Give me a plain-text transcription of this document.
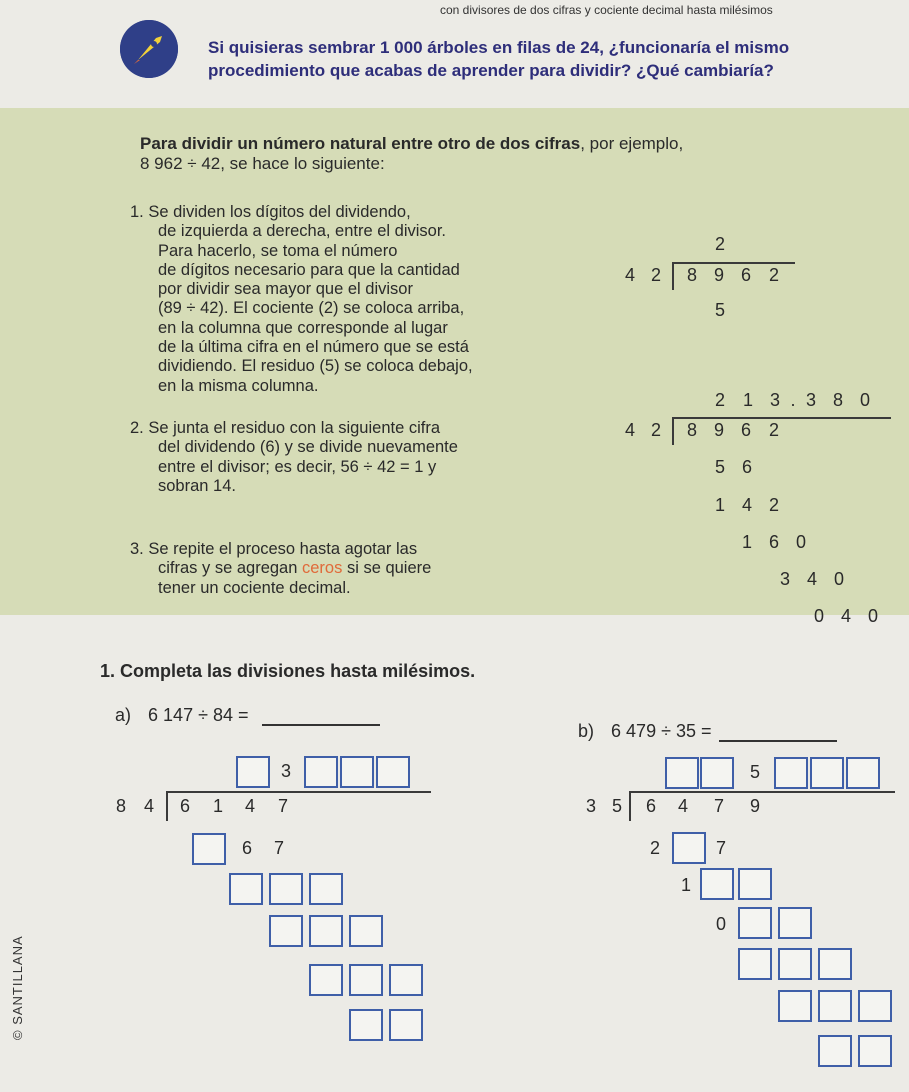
con divisores de dos cifras y cociente decimal hasta milésimos
Si quisieras sembrar 1 000 árboles en filas de 24, ¿funcionaría el mismo procedimiento que acabas de aprender para dividir? ¿Qué cambiaría?
Para dividir un número natural entre otro de dos cifras, por ejemplo,
8 962 ÷ 42, se hace lo siguiente:
1. Se dividen los dígitos del dividendo,
de izquierda a derecha, entre el divisor.
Para hacerlo, se toma el número
de dígitos necesario para que la cantidad
por dividir sea mayor que el divisor
(89 ÷ 42). El cociente (2) se coloca arriba,
en la columna que corresponde al lugar
de la última cifra en el número que se está
dividiendo. El residuo (5) se coloca debajo,
en la misma columna.
2. Se junta el residuo con la siguiente cifra
del dividendo (6) y se divide nuevamente
entre el divisor; es decir, 56 ÷ 42 = 1 y
sobran 14.
3. Se repite el proceso hasta agotar las
cifras y se agregan ceros si se quiere
tener un cociente decimal.
2
4 2	8 9 6 2
5
2 1 3 . 3 8 0
4 2	8 9 6 2
5 6
1 4 2
1 6 0
3 4 0
0 4 0
1. Completa las divisiones hasta milésimos.
a) 6 147 ÷ 84 =
3
8 4	6	1	4	7
6	7
b) 6 479 ÷ 35 =
5
3 5	6	4	7	9
2	7
1
0
© SANTILLANA
